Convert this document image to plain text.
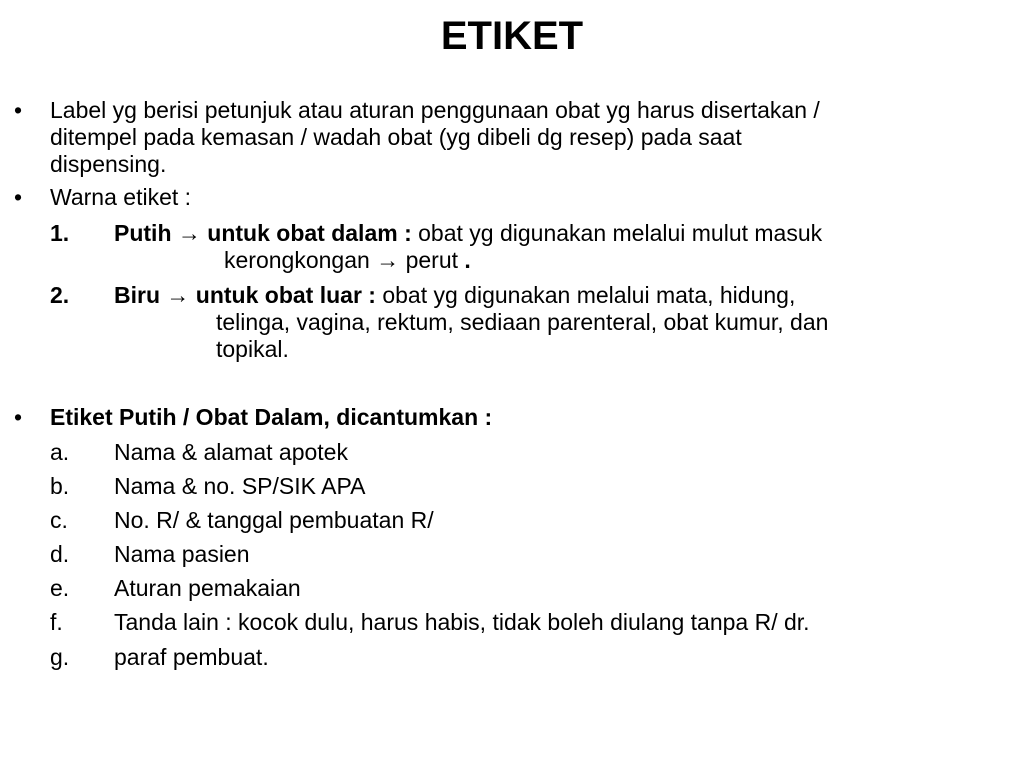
ETIKET
• Label yg berisi petunjuk atau aturan penggunaan obat yg harus disertakan /
ditempel pada kemasan / wadah obat (yg dibeli dg resep) pada saat
dispensing.
• Warna etiket :
1. Putih → untuk obat dalam : obat yg digunakan melalui mulut masuk
kerongkongan → perut .
2. Biru → untuk obat luar : obat yg digunakan melalui mata, hidung,
telinga, vagina, rektum, sediaan parenteral, obat kumur, dan
topikal.
• Etiket Putih / Obat Dalam, dicantumkan :
a. Nama & alamat apotek
b. Nama & no. SP/SIK APA
c. No. R/ & tanggal pembuatan R/
d. Nama pasien
e. Aturan pemakaian
f. Tanda lain : kocok dulu, harus habis, tidak boleh diulang tanpa R/ dr.
g. paraf pembuat.
